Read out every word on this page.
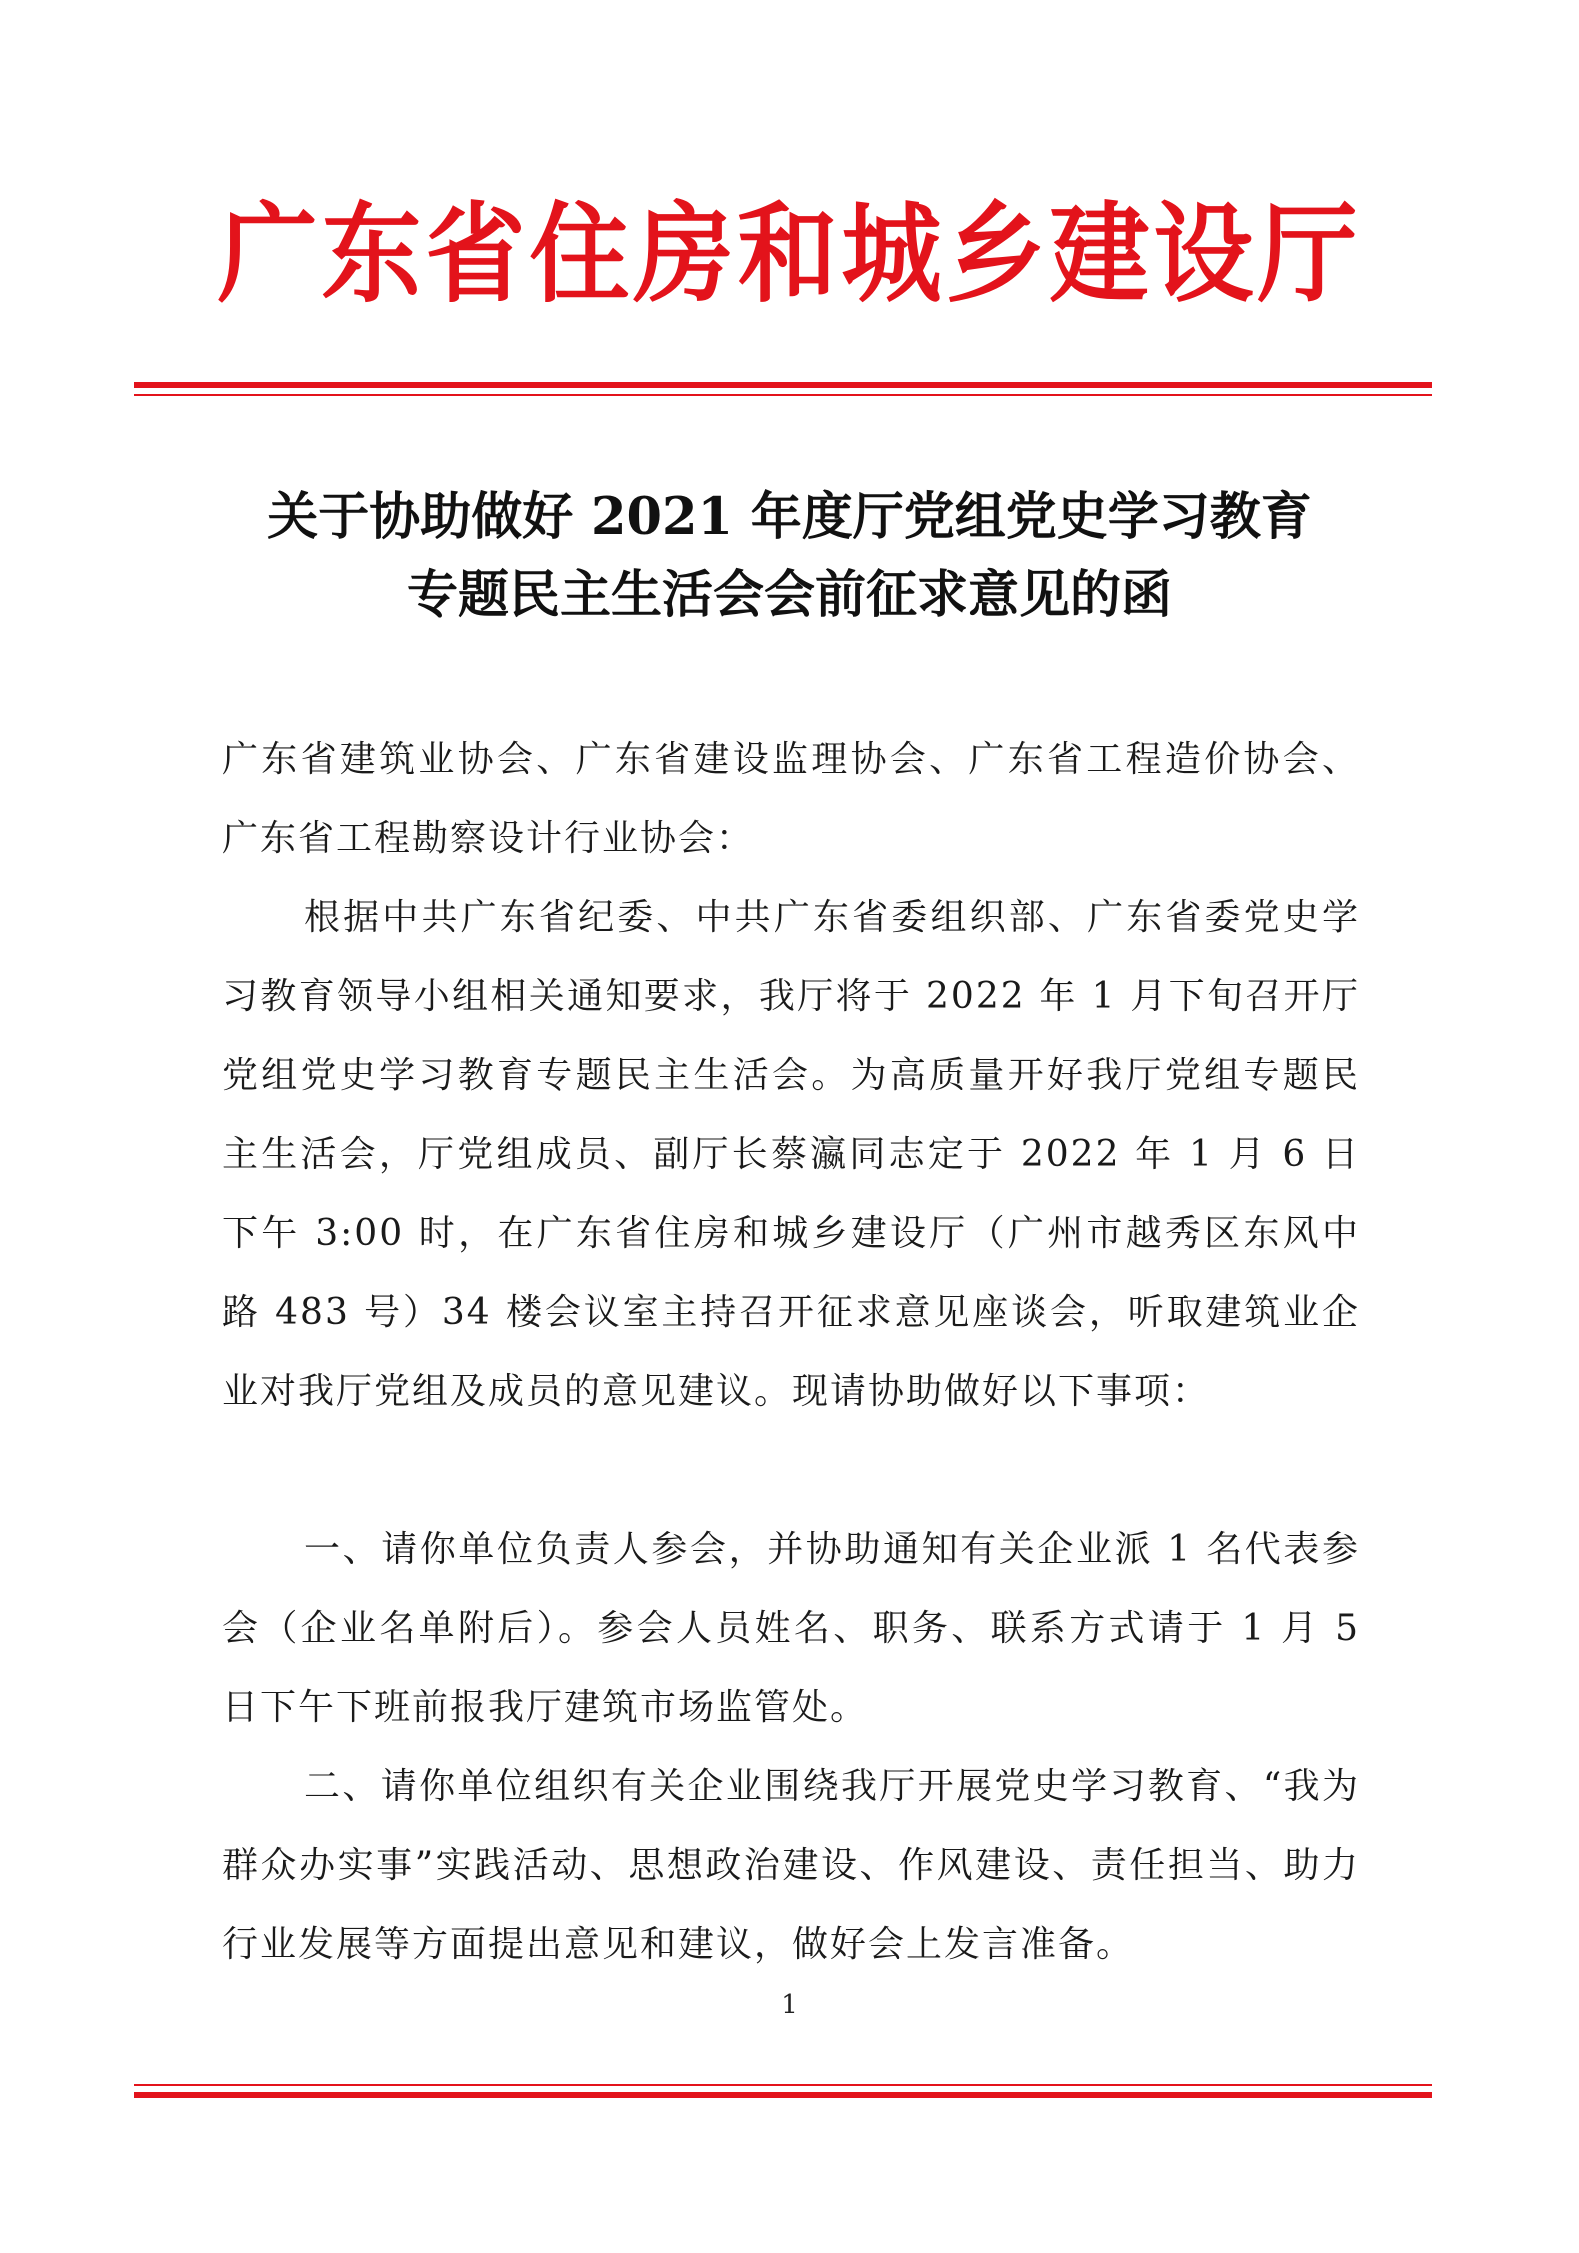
广东省住房和城乡建设厅
关于协助做好 2021 年度厅党组党史学习教育
专题民主生活会会前征求意见的函
广东省建筑业协会、广东省建设监理协会、广东省工程造价协会、广东省工程勘察设计行业协会：

根据中共广东省纪委、中共广东省委组织部、广东省委党史学习教育领导小组相关通知要求，我厅将于 2022 年 1 月下旬召开厅党组党史学习教育专题民主生活会。为高质量开好我厅党组专题民主生活会，厅党组成员、副厅长蔡瀛同志定于 2022 年 1 月 6 日下午 3:00 时，在广东省住房和城乡建设厅（广州市越秀区东风中路 483 号）34 楼会议室主持召开征求意见座谈会，听取建筑业企业对我厅党组及成员的意见建议。现请协助做好以下事项：

一、请你单位负责人参会，并协助通知有关企业派 1 名代表参会（企业名单附后）。参会人员姓名、职务、联系方式请于 1 月 5 日下午下班前报我厅建筑市场监管处。

二、请你单位组织有关企业围绕我厅开展党史学习教育、“我为群众办实事”实践活动、思想政治建设、作风建设、责任担当、助力行业发展等方面提出意见和建议，做好会上发言准备。

1
